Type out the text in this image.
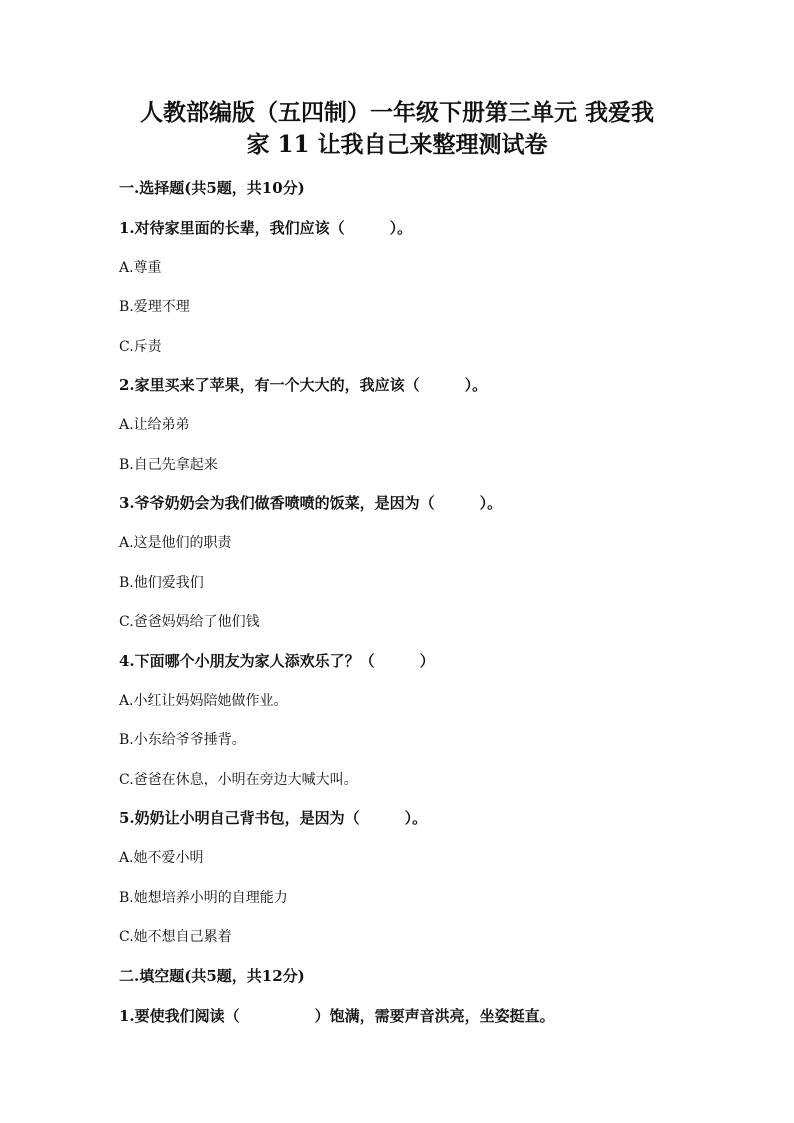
人教部编版（五四制）一年级下册第三单元 我爱我
家 11 让我自己来整理测试卷
一.选择题(共5题，共10分)
1.对待家里面的长辈，我们应该（　　　）。
A.尊重
B.爱理不理
C.斥责
2.家里买来了苹果，有一个大大的，我应该（　　　）。
A.让给弟弟
B.自己先拿起来
3.爷爷奶奶会为我们做香喷喷的饭菜，是因为（　　　）。
A.这是他们的职责
B.他们爱我们
C.爸爸妈妈给了他们钱
4.下面哪个小朋友为家人添欢乐了？（　　　）
A.小红让妈妈陪她做作业。
B.小东给爷爷捶背。
C.爸爸在休息，小明在旁边大喊大叫。
5.奶奶让小明自己背书包，是因为（　　　）。
A.她不爱小明
B.她想培养小明的自理能力
C.她不想自己累着
二.填空题(共5题，共12分)
1.要使我们阅读（　　　　　）饱满，需要声音洪亮，坐姿挺直。
